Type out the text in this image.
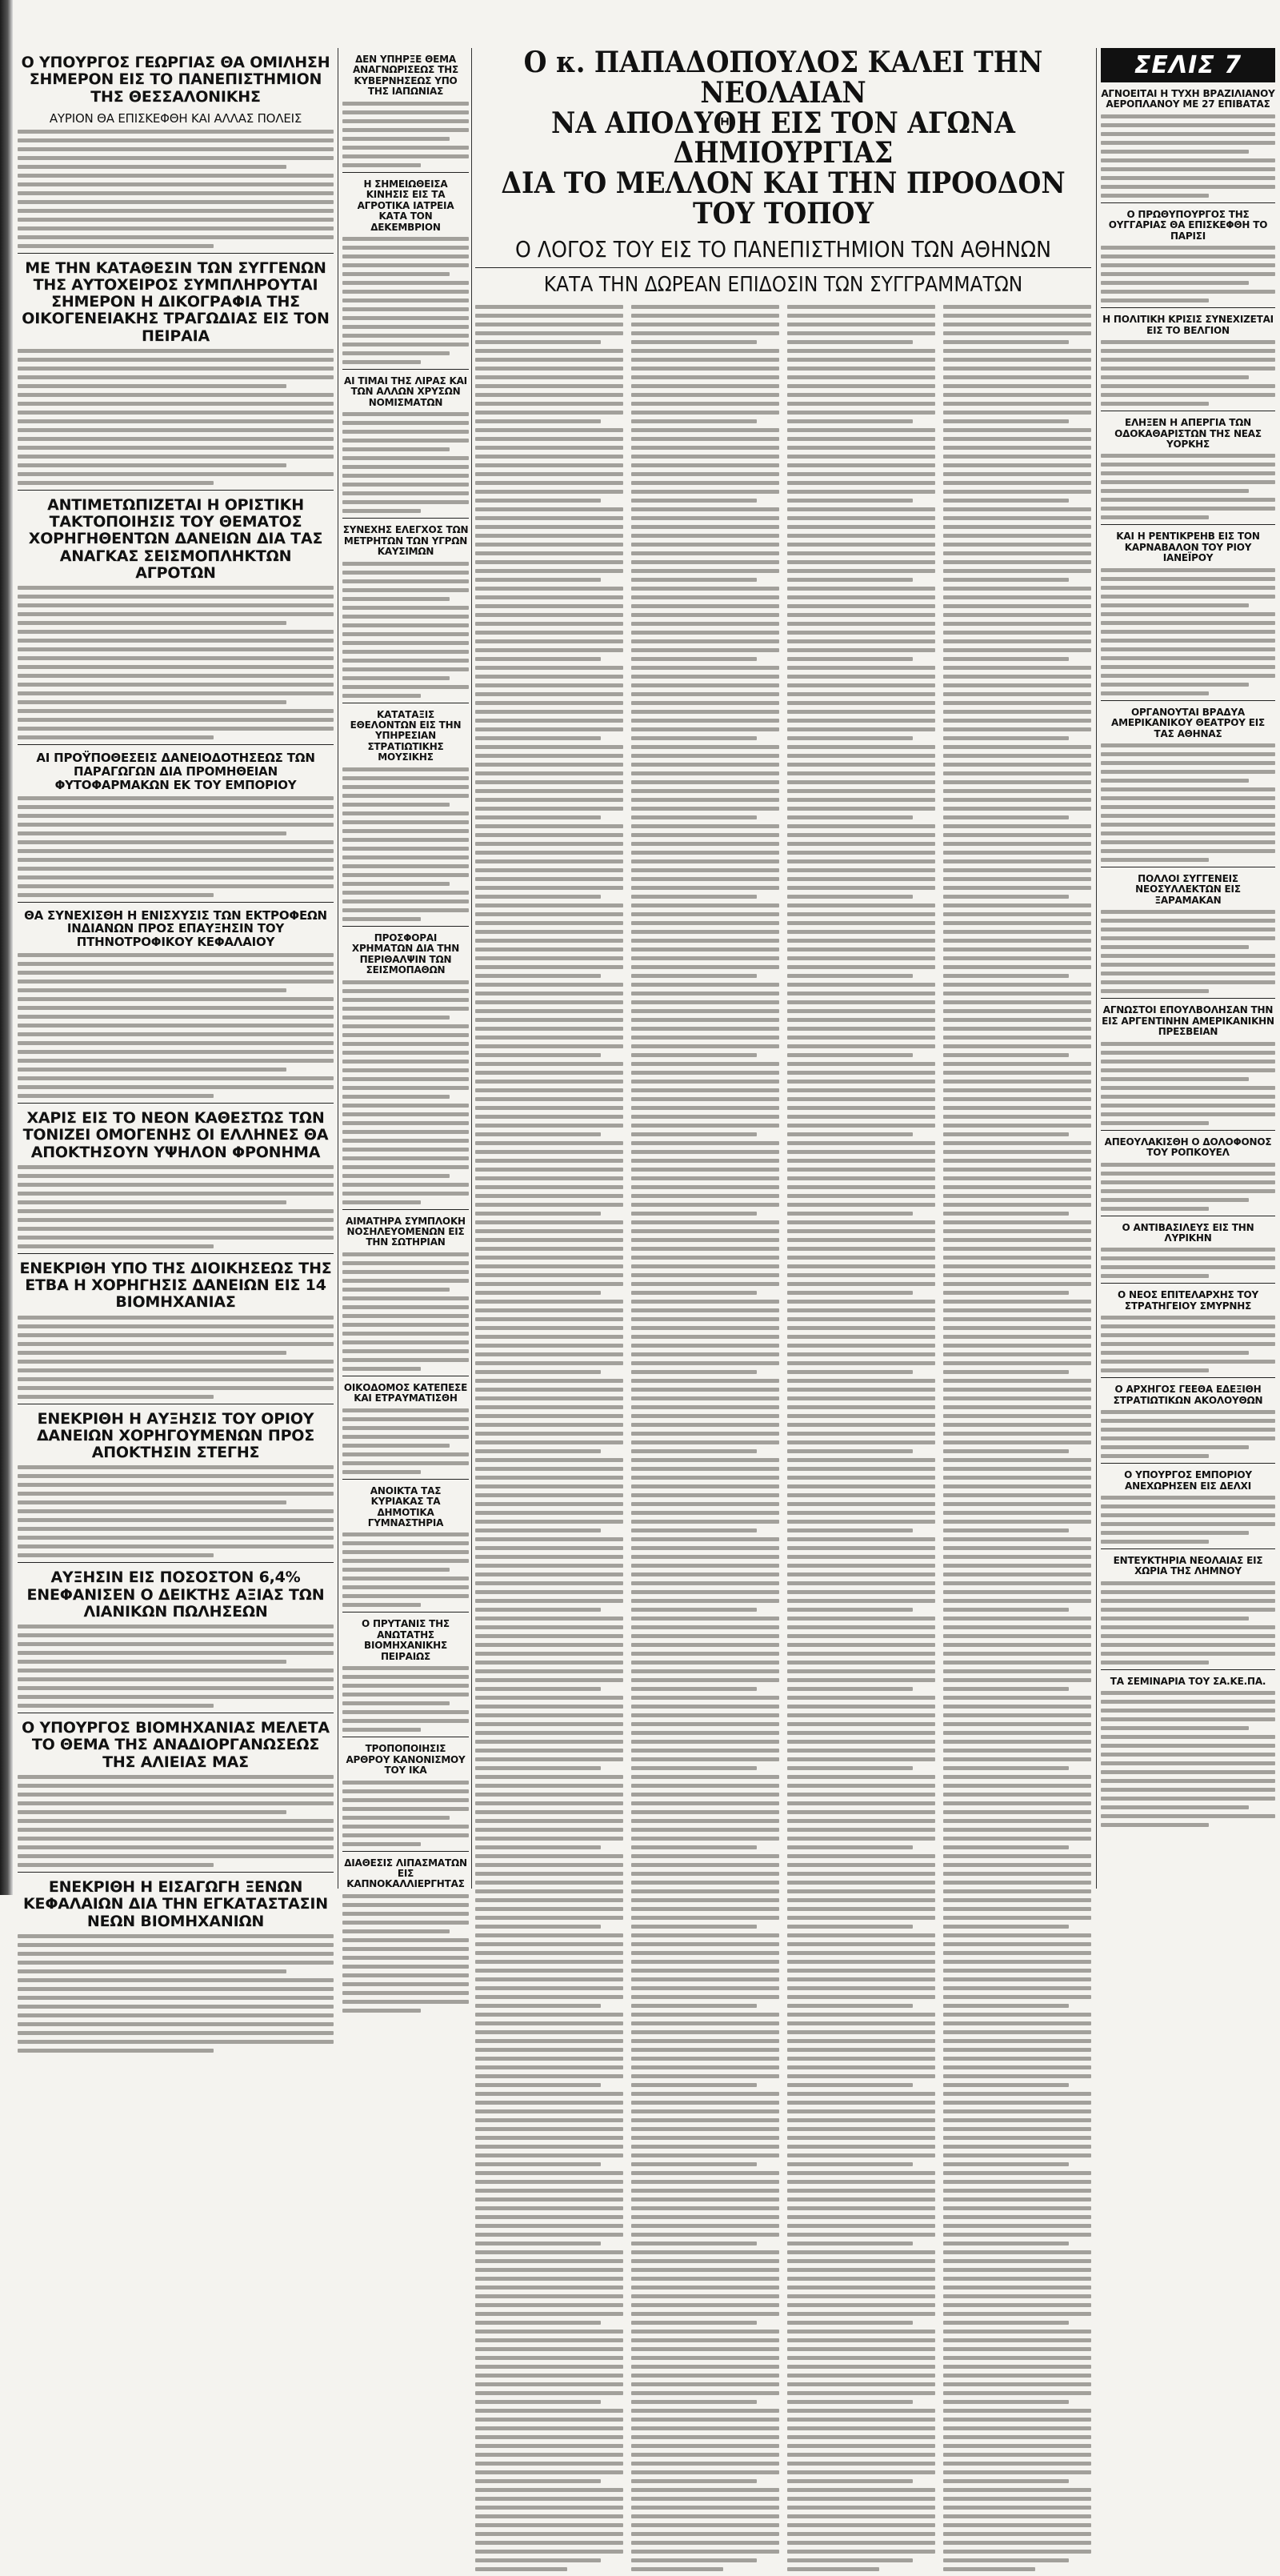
Ο ΥΠΟΥΡΓΟΣ ΓΕΩΡΓΙΑΣ ΘΑ ΟΜΙΛΗΣΗ ΣΗΜΕΡΟΝ ΕΙΣ ΤΟ ΠΑΝΕΠΙΣΤΗΜΙΟΝ ΤΗΣ ΘΕΣΣΑΛΟΝΙΚΗΣ
ΑΥΡΙΟΝ ΘΑ ΕΠΙΣΚΕΦΘΗ ΚΑΙ ΑΛΛΑΣ ΠΟΛΕΙΣ
ΜΕ ΤΗΝ ΚΑΤΑΘΕΣΙΝ ΤΩΝ ΣΥΓΓΕΝΩΝ ΤΗΣ ΑΥΤΟΧΕΙΡΟΣ ΣΥΜΠΛΗΡΟΥΤΑΙ ΣΗΜΕΡΟΝ Η ΔΙΚΟΓΡΑΦΙΑ ΤΗΣ ΟΙΚΟΓΕΝΕΙΑΚΗΣ ΤΡΑΓΩΔΙΑΣ ΕΙΣ ΤΟΝ ΠΕΙΡΑΙΑ
ΑΝΤΙΜΕΤΩΠΙΖΕΤΑΙ Η ΟΡΙΣΤΙΚΗ ΤΑΚΤΟΠΟΙΗΣΙΣ ΤΟΥ ΘΕΜΑΤΟΣ ΧΟΡΗΓΗΘΕΝΤΩΝ ΔΑΝΕΙΩΝ ΔΙΑ ΤΑΣ ΑΝΑΓΚΑΣ ΣΕΙΣΜΟΠΛΗΚΤΩΝ ΑΓΡΟΤΩΝ
ΑΙ ΠΡΟΫΠΟΘΕΣΕΙΣ ΔΑΝΕΙΟΔΟΤΗΣΕΩΣ ΤΩΝ ΠΑΡΑΓΩΓΩΝ ΔΙΑ ΠΡΟΜΗΘΕΙΑΝ ΦΥΤΟΦΑΡΜΑΚΩΝ ΕΚ ΤΟΥ ΕΜΠΟΡΙΟΥ
ΘΑ ΣΥΝΕΧΙΣΘΗ Η ΕΝΙΣΧΥΣΙΣ ΤΩΝ ΕΚΤΡΟΦΕΩΝ ΙΝΔΙΑΝΩΝ ΠΡΟΣ ΕΠΑΥΞΗΣΙΝ ΤΟΥ ΠΤΗΝΟΤΡΟΦΙΚΟΥ ΚΕΦΑΛΑΙΟΥ
ΧΑΡΙΣ ΕΙΣ ΤΟ ΝΕΟΝ ΚΑΘΕΣΤΩΣ ΤΩΝ ΤΟΝΙΖΕΙ ΟΜΟΓΕΝΗΣ ΟΙ ΕΛΛΗΝΕΣ ΘΑ ΑΠΟΚΤΗΣΟΥΝ ΥΨΗΛΟΝ ΦΡΟΝΗΜΑ
ΕΝΕΚΡΙΘΗ ΥΠΟ ΤΗΣ ΔΙΟΙΚΗΣΕΩΣ ΤΗΣ ΕΤΒΑ Η ΧΟΡΗΓΗΣΙΣ ΔΑΝΕΙΩΝ ΕΙΣ 14 ΒΙΟΜΗΧΑΝΙΑΣ
ΕΝΕΚΡΙΘΗ Η ΑΥΞΗΣΙΣ ΤΟΥ ΟΡΙΟΥ ΔΑΝΕΙΩΝ ΧΟΡΗΓΟΥΜΕΝΩΝ ΠΡΟΣ ΑΠΟΚΤΗΣΙΝ ΣΤΕΓΗΣ
ΑΥΞΗΣΙΝ ΕΙΣ ΠΟΣΟΣΤΟΝ 6,4% ΕΝΕΦΑΝΙΣΕΝ Ο ΔΕΙΚΤΗΣ ΑΞΙΑΣ ΤΩΝ ΛΙΑΝΙΚΩΝ ΠΩΛΗΣΕΩΝ
Ο ΥΠΟΥΡΓΟΣ ΒΙΟΜΗΧΑΝΙΑΣ ΜΕΛΕΤΑ ΤΟ ΘΕΜΑ ΤΗΣ ΑΝΑΔΙΟΡΓΑΝΩΣΕΩΣ ΤΗΣ ΑΛΙΕΙΑΣ ΜΑΣ
ΕΝΕΚΡΙΘΗ Η ΕΙΣΑΓΩΓΗ ΞΕΝΩΝ ΚΕΦΑΛΑΙΩΝ ΔΙΑ ΤΗΝ ΕΓΚΑΤΑΣΤΑΣΙΝ ΝΕΩΝ ΒΙΟΜΗΧΑΝΙΩΝ
ΔΕΝ ΥΠΗΡΞΕ ΘΕΜΑ ΑΝΑΓΝΩΡΙΣΕΩΣ ΤΗΣ ΚΥΒΕΡΝΗΣΕΩΣ ΥΠΟ ΤΗΣ ΙΑΠΩΝΙΑΣ
Η ΣΗΜΕΙΩΘΕΙΣΑ ΚΙΝΗΣΙΣ ΕΙΣ ΤΑ ΑΓΡΟΤΙΚΑ ΙΑΤΡΕΙΑ ΚΑΤΑ ΤΟΝ ΔΕΚΕΜΒΡΙΟΝ
ΑΙ ΤΙΜΑΙ ΤΗΣ ΛΙΡΑΣ ΚΑΙ ΤΩΝ ΑΛΛΩΝ ΧΡΥΣΩΝ ΝΟΜΙΣΜΑΤΩΝ
ΣΥΝΕΧΗΣ ΕΛΕΓΧΟΣ ΤΩΝ ΜΕΤΡΗΤΩΝ ΤΩΝ ΥΓΡΩΝ ΚΑΥΣΙΜΩΝ
ΚΑΤΑΤΑΞΙΣ ΕΘΕΛΟΝΤΩΝ ΕΙΣ ΤΗΝ ΥΠΗΡΕΣΙΑΝ ΣΤΡΑΤΙΩΤΙΚΗΣ ΜΟΥΣΙΚΗΣ
ΠΡΟΣΦΟΡΑΙ ΧΡΗΜΑΤΩΝ ΔΙΑ ΤΗΝ ΠΕΡΙΘΑΛΨΙΝ ΤΩΝ ΣΕΙΣΜΟΠΑΘΩΝ
ΑΙΜΑΤΗΡΑ ΣΥΜΠΛΟΚΗ ΝΟΣΗΛΕΥΟΜΕΝΩΝ ΕΙΣ ΤΗΝ ΣΩΤΗΡΙΑΝ
ΟΙΚΟΔΟΜΟΣ ΚΑΤΕΠΕΣΕ ΚΑΙ ΕΤΡΑΥΜΑΤΙΣΘΗ
ΑΝΟΙΚΤΑ ΤΑΣ ΚΥΡΙΑΚΑΣ ΤΑ ΔΗΜΟΤΙΚΑ ΓΥΜΝΑΣΤΗΡΙΑ
Ο ΠΡΥΤΑΝΙΣ ΤΗΣ ΑΝΩΤΑΤΗΣ ΒΙΟΜΗΧΑΝΙΚΗΣ ΠΕΙΡΑΙΩΣ
ΤΡΟΠΟΠΟΙΗΣΙΣ ΑΡΘΡΟΥ ΚΑΝΟΝΙΣΜΟΥ ΤΟΥ ΙΚΑ
ΔΙΑΘΕΣΙΣ ΛΙΠΑΣΜΑΤΩΝ ΕΙΣ ΚΑΠΝΟΚΑΛΛΙΕΡΓΗΤΑΣ
Ο κ. ΠΑΠΑΔΟΠΟΥΛΟΣ ΚΑΛΕΙ ΤΗΝ ΝΕΟΛΑΙΑΝ
ΝΑ ΑΠΟΔΥΘΗ ΕΙΣ ΤΟΝ ΑΓΩΝΑ ΔΗΜΙΟΥΡΓΙΑΣ
ΔΙΑ ΤΟ ΜΕΛΛΟΝ ΚΑΙ ΤΗΝ ΠΡΟΟΔΟΝ ΤΟΥ ΤΟΠΟΥ
Ο ΛΟΓΟΣ ΤΟΥ ΕΙΣ ΤΟ ΠΑΝΕΠΙΣΤΗΜΙΟΝ ΤΩΝ ΑΘΗΝΩΝ
ΚΑΤΑ ΤΗΝ ΔΩΡΕΑΝ ΕΠΙΔΟΣΙΝ ΤΩΝ ΣΥΓΓΡΑΜΜΑΤΩΝ
ΣΕΛΙΣ 7
ΑΓΝΟΕΙΤΑΙ Η ΤΥΧΗ ΒΡΑΖΙΛΙΑΝΟΥ ΑΕΡΟΠΛΑΝΟΥ ΜΕ 27 ΕΠΙΒΑΤΑΣ
Ο ΠΡΩΘΥΠΟΥΡΓΟΣ ΤΗΣ ΟΥΓΓΑΡΙΑΣ ΘΑ ΕΠΙΣΚΕΦΘΗ ΤΟ ΠΑΡΙΣΙ
Η ΠΟΛΙΤΙΚΗ ΚΡΙΣΙΣ ΣΥΝΕΧΙΖΕΤΑΙ ΕΙΣ ΤΟ ΒΕΛΓΙΟΝ
ΕΛΗΞΕΝ Η ΑΠΕΡΓΙΑ ΤΩΝ ΟΔΟΚΑΘΑΡΙΣΤΩΝ ΤΗΣ ΝΕΑΣ ΥΟΡΚΗΣ
ΚΑΙ Η ΡΕΝΤΙΚΡΕΗΒ ΕΙΣ ΤΟΝ ΚΑΡΝΑΒΑΛΟΝ ΤΟΥ ΡΙΟΥ ΙΑΝΕΪΡΟΥ
ΟΡΓΑΝΟΥΤΑΙ ΒΡΑΔΥΑ ΑΜΕΡΙΚΑΝΙΚΟΥ ΘΕΑΤΡΟΥ ΕΙΣ ΤΑΣ ΑΘΗΝΑΣ
ΠΟΛΛΟΙ ΣΥΓΓΕΝΕΙΣ ΝΕΟΣΥΛΛΕΚΤΩΝ ΕΙΣ ΞΑΡΑΜΑΚΑΝ
ΑΓΝΩΣΤΟΙ ΕΠΟΥΛΒΟΛΗΣΑΝ ΤΗΝ ΕΙΣ ΑΡΓΕΝΤΙΝΗΝ ΑΜΕΡΙΚΑΝΙΚΗΝ ΠΡΕΣΒΕΙΑΝ
ΑΠΕΟΥΛΑΚΙΣΘΗ Ο ΔΟΛΟΦΟΝΟΣ ΤΟΥ ΡΟΠΚΟΥΕΛ
Ο ΑΝΤΙΒΑΣΙΛΕΥΣ ΕΙΣ ΤΗΝ ΛΥΡΙΚΗΝ
Ο ΝΕΟΣ ΕΠΙΤΕΛΑΡΧΗΣ ΤΟΥ ΣΤΡΑΤΗΓΕΙΟΥ ΣΜΥΡΝΗΣ
Ο ΑΡΧΗΓΟΣ ΓΕΕΘΑ ΕΔΕΞΙΘΗ ΣΤΡΑΤΙΩΤΙΚΩΝ ΑΚΟΛΟΥΘΩΝ
Ο ΥΠΟΥΡΓΟΣ ΕΜΠΟΡΙΟΥ ΑΝΕΧΩΡΗΣΕΝ ΕΙΣ ΔΕΛΧΙ
ΕΝΤΕΥΚΤΗΡΙΑ ΝΕΟΛΑΙΑΣ ΕΙΣ ΧΩΡΙΑ ΤΗΣ ΛΗΜΝΟΥ
ΤΑ ΣΕΜΙΝΑΡΙΑ ΤΟΥ ΣΑ.ΚΕ.ΠΑ.
